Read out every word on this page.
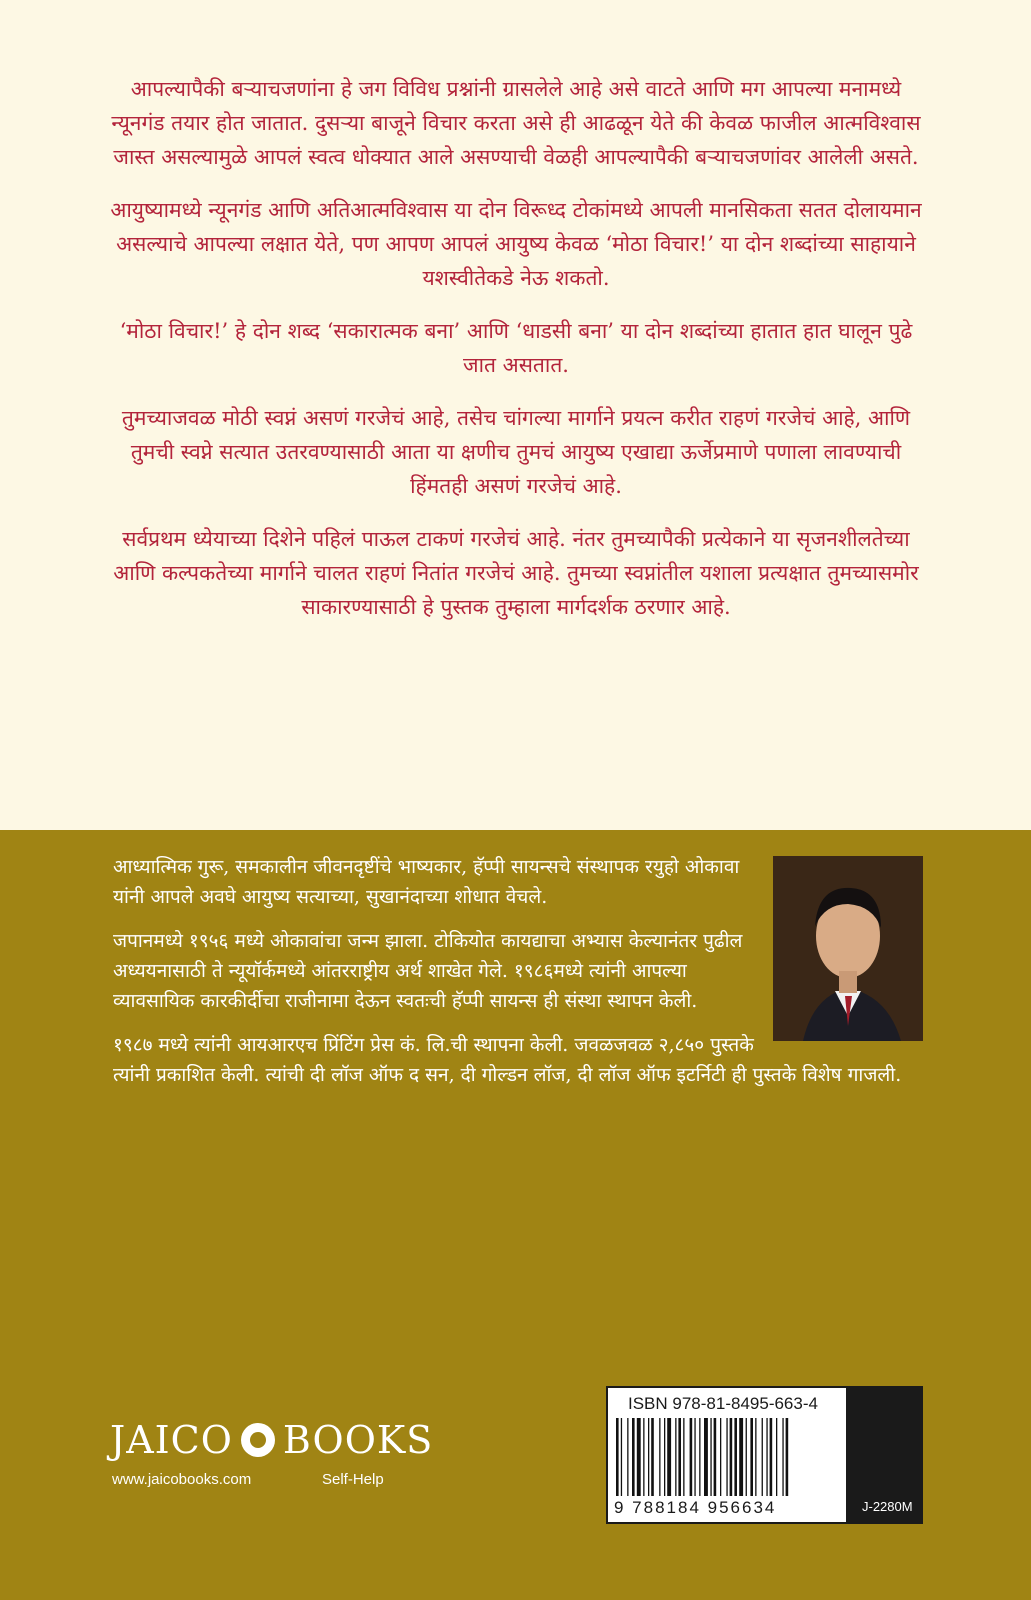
आपल्यापैकी बऱ्याचजणांना हे जग विविध प्रश्नांनी ग्रासलेले आहे असे वाटते आणि मग आपल्या मनामध्ये न्यूनगंड तयार होत जातात. दुसऱ्या बाजूने विचार करता असे ही आढळून येते की केवळ फाजील आत्मविश्वास जास्त असल्यामुळे आपलं स्वत्व धोक्यात आले असण्याची वेळही आपल्यापैकी बऱ्याचजणांवर आलेली असते.

आयुष्यामध्ये न्यूनगंड आणि अतिआत्मविश्वास या दोन विरूध्द टोकांमध्ये आपली मानसिकता सतत दोलायमान असल्याचे आपल्या लक्षात येते, पण आपण आपलं आयुष्य केवळ ‘मोठा विचार!’ या दोन शब्दांच्या साहायाने यशस्वीतेकडे नेऊ शकतो.

‘मोठा विचार!’ हे दोन शब्द ‘सकारात्मक बना’ आणि ‘धाडसी बना’ या दोन शब्दांच्या हातात हात घालून पुढे जात असतात.

तुमच्याजवळ मोठी स्वप्नं असणं गरजेचं आहे, तसेच चांगल्या मार्गाने प्रयत्न करीत राहणं गरजेचं आहे, आणि तुमची स्वप्ने सत्यात उतरवण्यासाठी आता या क्षणीच तुमचं आयुष्य एखाद्या ऊर्जेप्रमाणे पणाला लावण्याची हिंमतही असणं गरजेचं आहे.

सर्वप्रथम ध्येयाच्या दिशेने पहिलं पाऊल टाकणं गरजेचं आहे. नंतर तुमच्यापैकी प्रत्येकाने या सृजनशीलतेच्या आणि कल्पकतेच्या मार्गाने चालत राहणं नितांत गरजेचं आहे. तुमच्या स्वप्नांतील यशाला प्रत्यक्षात तुमच्यासमोर साकारण्यासाठी हे पुस्तक तुम्हाला मार्गदर्शक ठरणार आहे.

आध्यात्मिक गुरू, समकालीन जीवनदृष्टींचे भाष्यकार, हॅप्पी सायन्सचे संस्थापक रयुहो ओकावा यांनी आपले अवघे आयुष्य सत्याच्या, सुखानंदाच्या शोधात वेचले.

जपानमध्ये १९५६ मध्ये ओकावांचा जन्म झाला. टोकियोत कायद्याचा अभ्यास केल्यानंतर पुढील अध्ययनासाठी ते न्यूयॉर्कमध्ये आंतरराष्ट्रीय अर्थ शाखेत गेले. १९८६मध्ये त्यांनी आपल्या व्यावसायिक कारकीर्दीचा राजीनामा देऊन स्वतःची हॅप्पी सायन्स ही संस्था स्थापन केली.

१९८७ मध्ये त्यांनी आयआरएच प्रिंटिंग प्रेस कं. लि.ची स्थापना केली. जवळजवळ २,८५० पुस्तके त्यांनी प्रकाशित केली. त्यांची दी लॉज ऑफ द सन, दी गोल्डन लॉज, दी लॉज ऑफ इटर्निटी ही पुस्तके विशेष गाजली.

JAICO BOOKS
www.jaicobooks.com	Self-Help
ISBN 978-81-8495-663-4
9 788184 956634	J-2280M
